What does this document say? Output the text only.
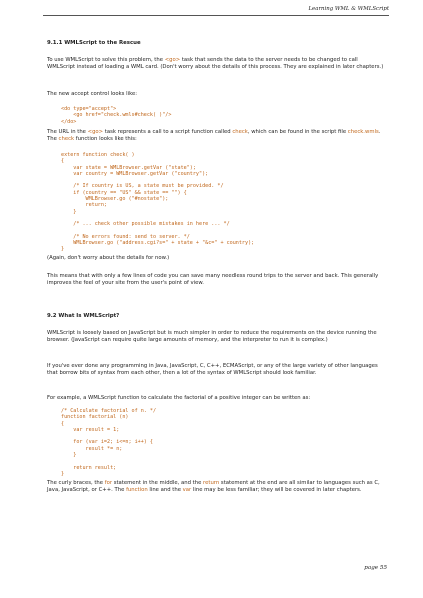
Learning WML & WMLScript
9.1.1 WMLScript to the Rescue

To use WMLScript to solve this problem, the <go> task that sends the data to the server needs to be changed to call WMLScript instead of loading a WML card. (Don't worry about the details of this process. They are explained in later chapters.)

The new accept control looks like:

<do type="accept">
<go href="check.wmls#check( )"/>
</do>

The URL in the <go> task represents a call to a script function called check, which can be found in the script file check.wmls. The check function looks like this:

extern function check( )
{
var state = WMLBrowser.getVar ("state");
var country = WMLBrowser.getVar ("country");

/* If country is US, a state must be provided. */
if (country == "US" && state == "") {
WMLBrowser.go ("#nostate");
return;
}

/* ... check other possible mistakes in here ... */

/* No errors found: send to server. */
WMLBrowser.go ("address.cgi?s=" + state + "&c=" + country);
}

(Again, don't worry about the details for now.)

This means that with only a few lines of code you can save many needless round trips to the server and back. This generally improves the feel of your site from the user's point of view.

9.2 What Is WMLScript?

WMLScript is loosely based on JavaScript but is much simpler in order to reduce the requirements on the device running the browser. (JavaScript can require quite large amounts of memory, and the interpreter to run it is complex.)

If you've ever done any programming in Java, JavaScript, C, C++, ECMAScript, or any of the large variety of other languages that borrow bits of syntax from each other, then a lot of the syntax of WMLScript should look familiar.

For example, a WMLScript function to calculate the factorial of a positive integer can be written as:

/* Calculate factorial of n. */
function factorial (n)
{
var result = 1;

for (var i=2; i<=n; i++) {
result *= n;
}

return result;
}

The curly braces, the for statement in the middle, and the return statement at the end are all similar to languages such as C, Java, JavaScript, or C++. The function line and the var line may be less familiar; they will be covered in later chapters.

page 55
